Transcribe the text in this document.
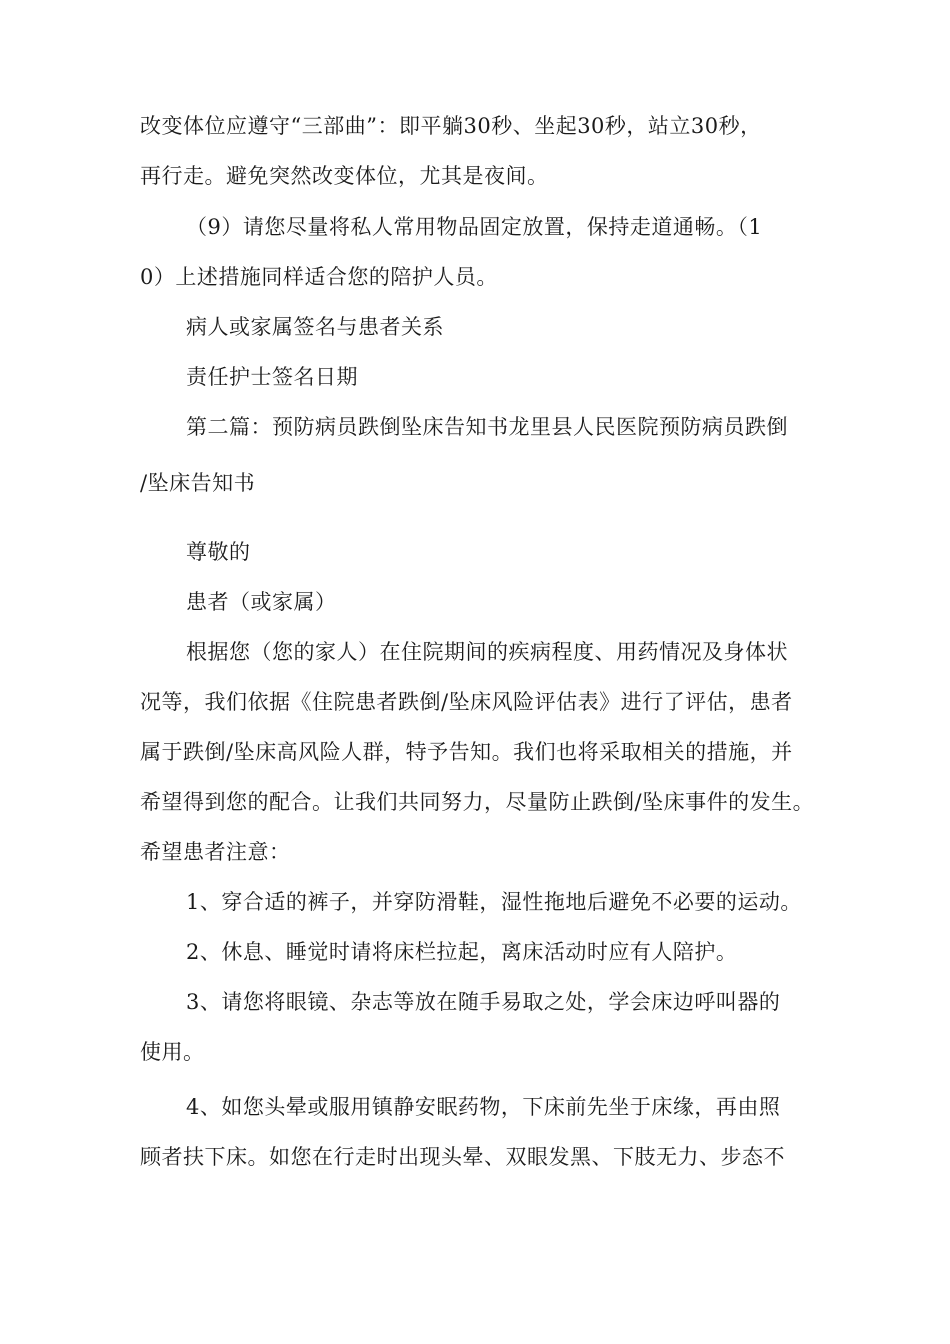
改变体位应遵守“三部曲”：即平躺30秒、坐起30秒，站立30秒，
再行走。避免突然改变体位，尤其是夜间。
（9）请您尽量将私人常用物品固定放置，保持走道通畅。（1
0）上述措施同样适合您的陪护人员。
病人或家属签名与患者关系
责任护士签名日期
第二篇：预防病员跌倒坠床告知书龙里县人民医院预防病员跌倒
/坠床告知书
尊敬的
患者（或家属）
根据您（您的家人）在住院期间的疾病程度、用药情况及身体状
况等，我们依据《住院患者跌倒/坠床风险评估表》进行了评估，患者
属于跌倒/坠床高风险人群，特予告知。我们也将采取相关的措施，并
希望得到您的配合。让我们共同努力，尽量防止跌倒/坠床事件的发生。
希望患者注意：
1、穿合适的裤子，并穿防滑鞋，湿性拖地后避免不必要的运动。
2、休息、睡觉时请将床栏拉起，离床活动时应有人陪护。
3、请您将眼镜、杂志等放在随手易取之处，学会床边呼叫器的
使用。
4、如您头晕或服用镇静安眠药物，下床前先坐于床缘，再由照
顾者扶下床。如您在行走时出现头晕、双眼发黑、下肢无力、步态不
